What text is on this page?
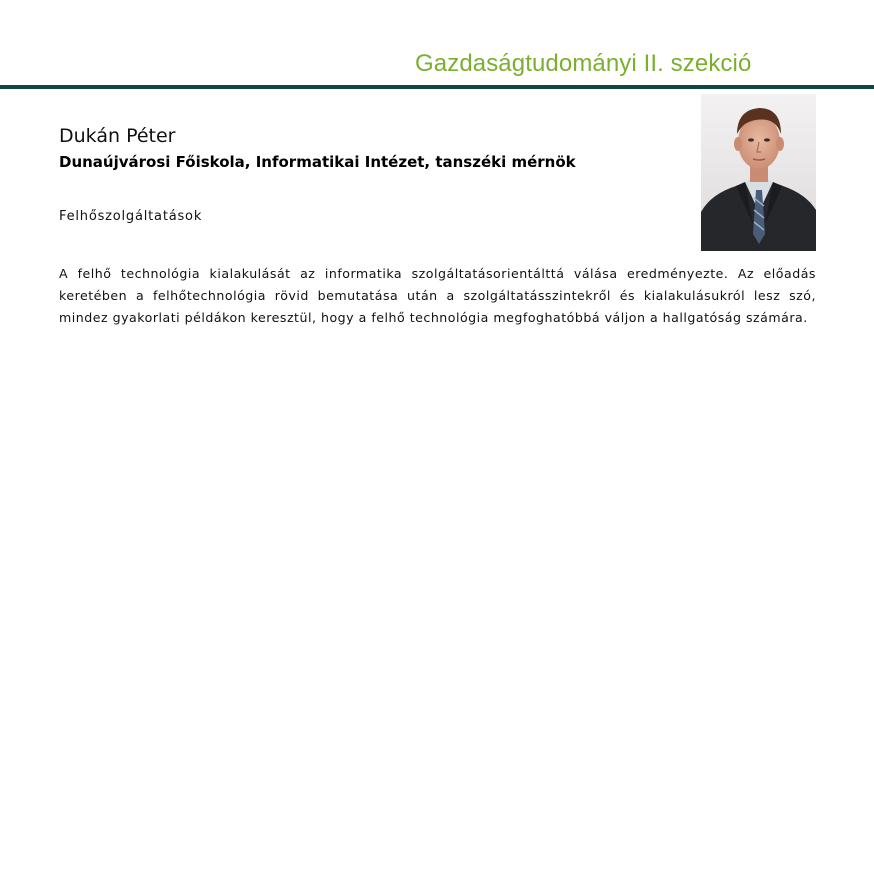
Gazdaságtudományi II. szekció
Dukán Péter
Dunaújvárosi Főiskola, Informatikai Intézet, tanszéki mérnök
Felhőszolgáltatások

A felhő technológia kialakulását az informatika szolgáltatásorientálttá válása eredményezte. Az előadás keretében a felhőtechnológia rövid bemutatása után a szolgáltatásszintekről és kialakulásukról lesz szó, mindez gyakorlati példákon keresztül, hogy a felhő technológia megfoghatóbbá váljon a hallgatóság számára.
